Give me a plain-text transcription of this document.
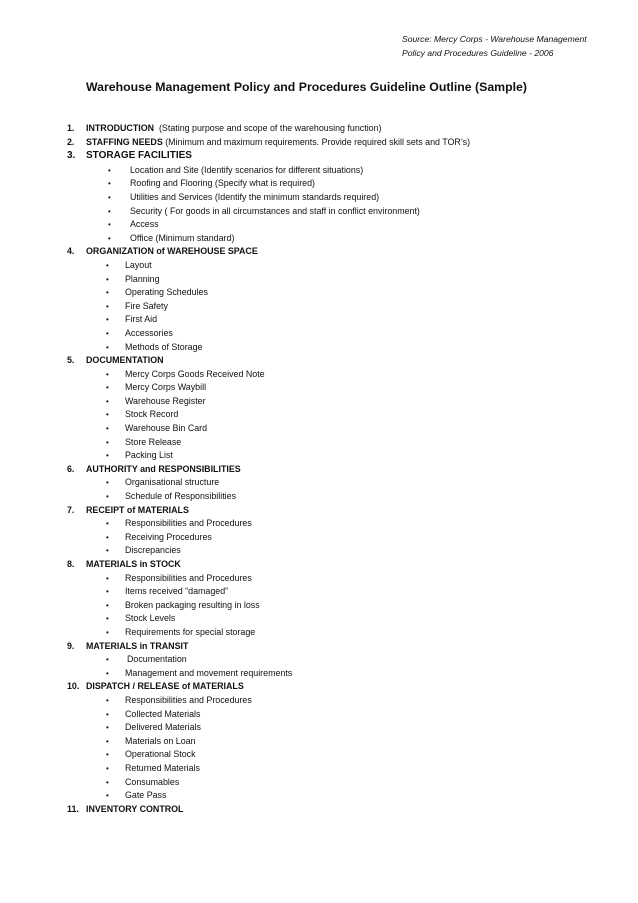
Source: Mercy Corps - Warehouse Management
Policy and Procedures Guideline - 2006
Warehouse Management Policy and Procedures Guideline Outline (Sample)
1. INTRODUCTION  (Stating purpose and scope of the warehousing function)
2. STAFFING NEEDS (Minimum and maximum requirements. Provide required skill sets and TOR’s)
3. STORAGE FACILITIES
• Location and Site (Identify scenarios for different situations)
• Roofing and Flooring (Specify what is required)
• Utilities and Services (Identify the minimum standards required)
• Security ( For goods in all circumstances and staff in conflict environment)
• Access
• Office (Minimum standard)
4. ORGANIZATION of WAREHOUSE SPACE
• Layout
• Planning
• Operating Schedules
• Fire Safety
• First Aid
• Accessories
• Methods of Storage
5. DOCUMENTATION
• Mercy Corps Goods Received Note
• Mercy Corps Waybill
• Warehouse Register
• Stock Record
• Warehouse Bin Card
• Store Release
• Packing List
6. AUTHORITY and RESPONSIBILITIES
• Organisational structure
• Schedule of Responsibilities
7. RECEIPT of MATERIALS
• Responsibilities and Procedures
• Receiving Procedures
• Discrepancies
8. MATERIALS in STOCK
• Responsibilities and Procedures
• Items received “damaged”
• Broken packaging resulting in loss
• Stock Levels
• Requirements for special storage
9. MATERIALS in TRANSIT
• Documentation
• Management and movement requirements
10. DISPATCH / RELEASE of MATERIALS
• Responsibilities and Procedures
• Collected Materials
• Delivered Materials
• Materials on Loan
• Operational Stock
• Returned Materials
• Consumables
• Gate Pass
11. INVENTORY CONTROL
